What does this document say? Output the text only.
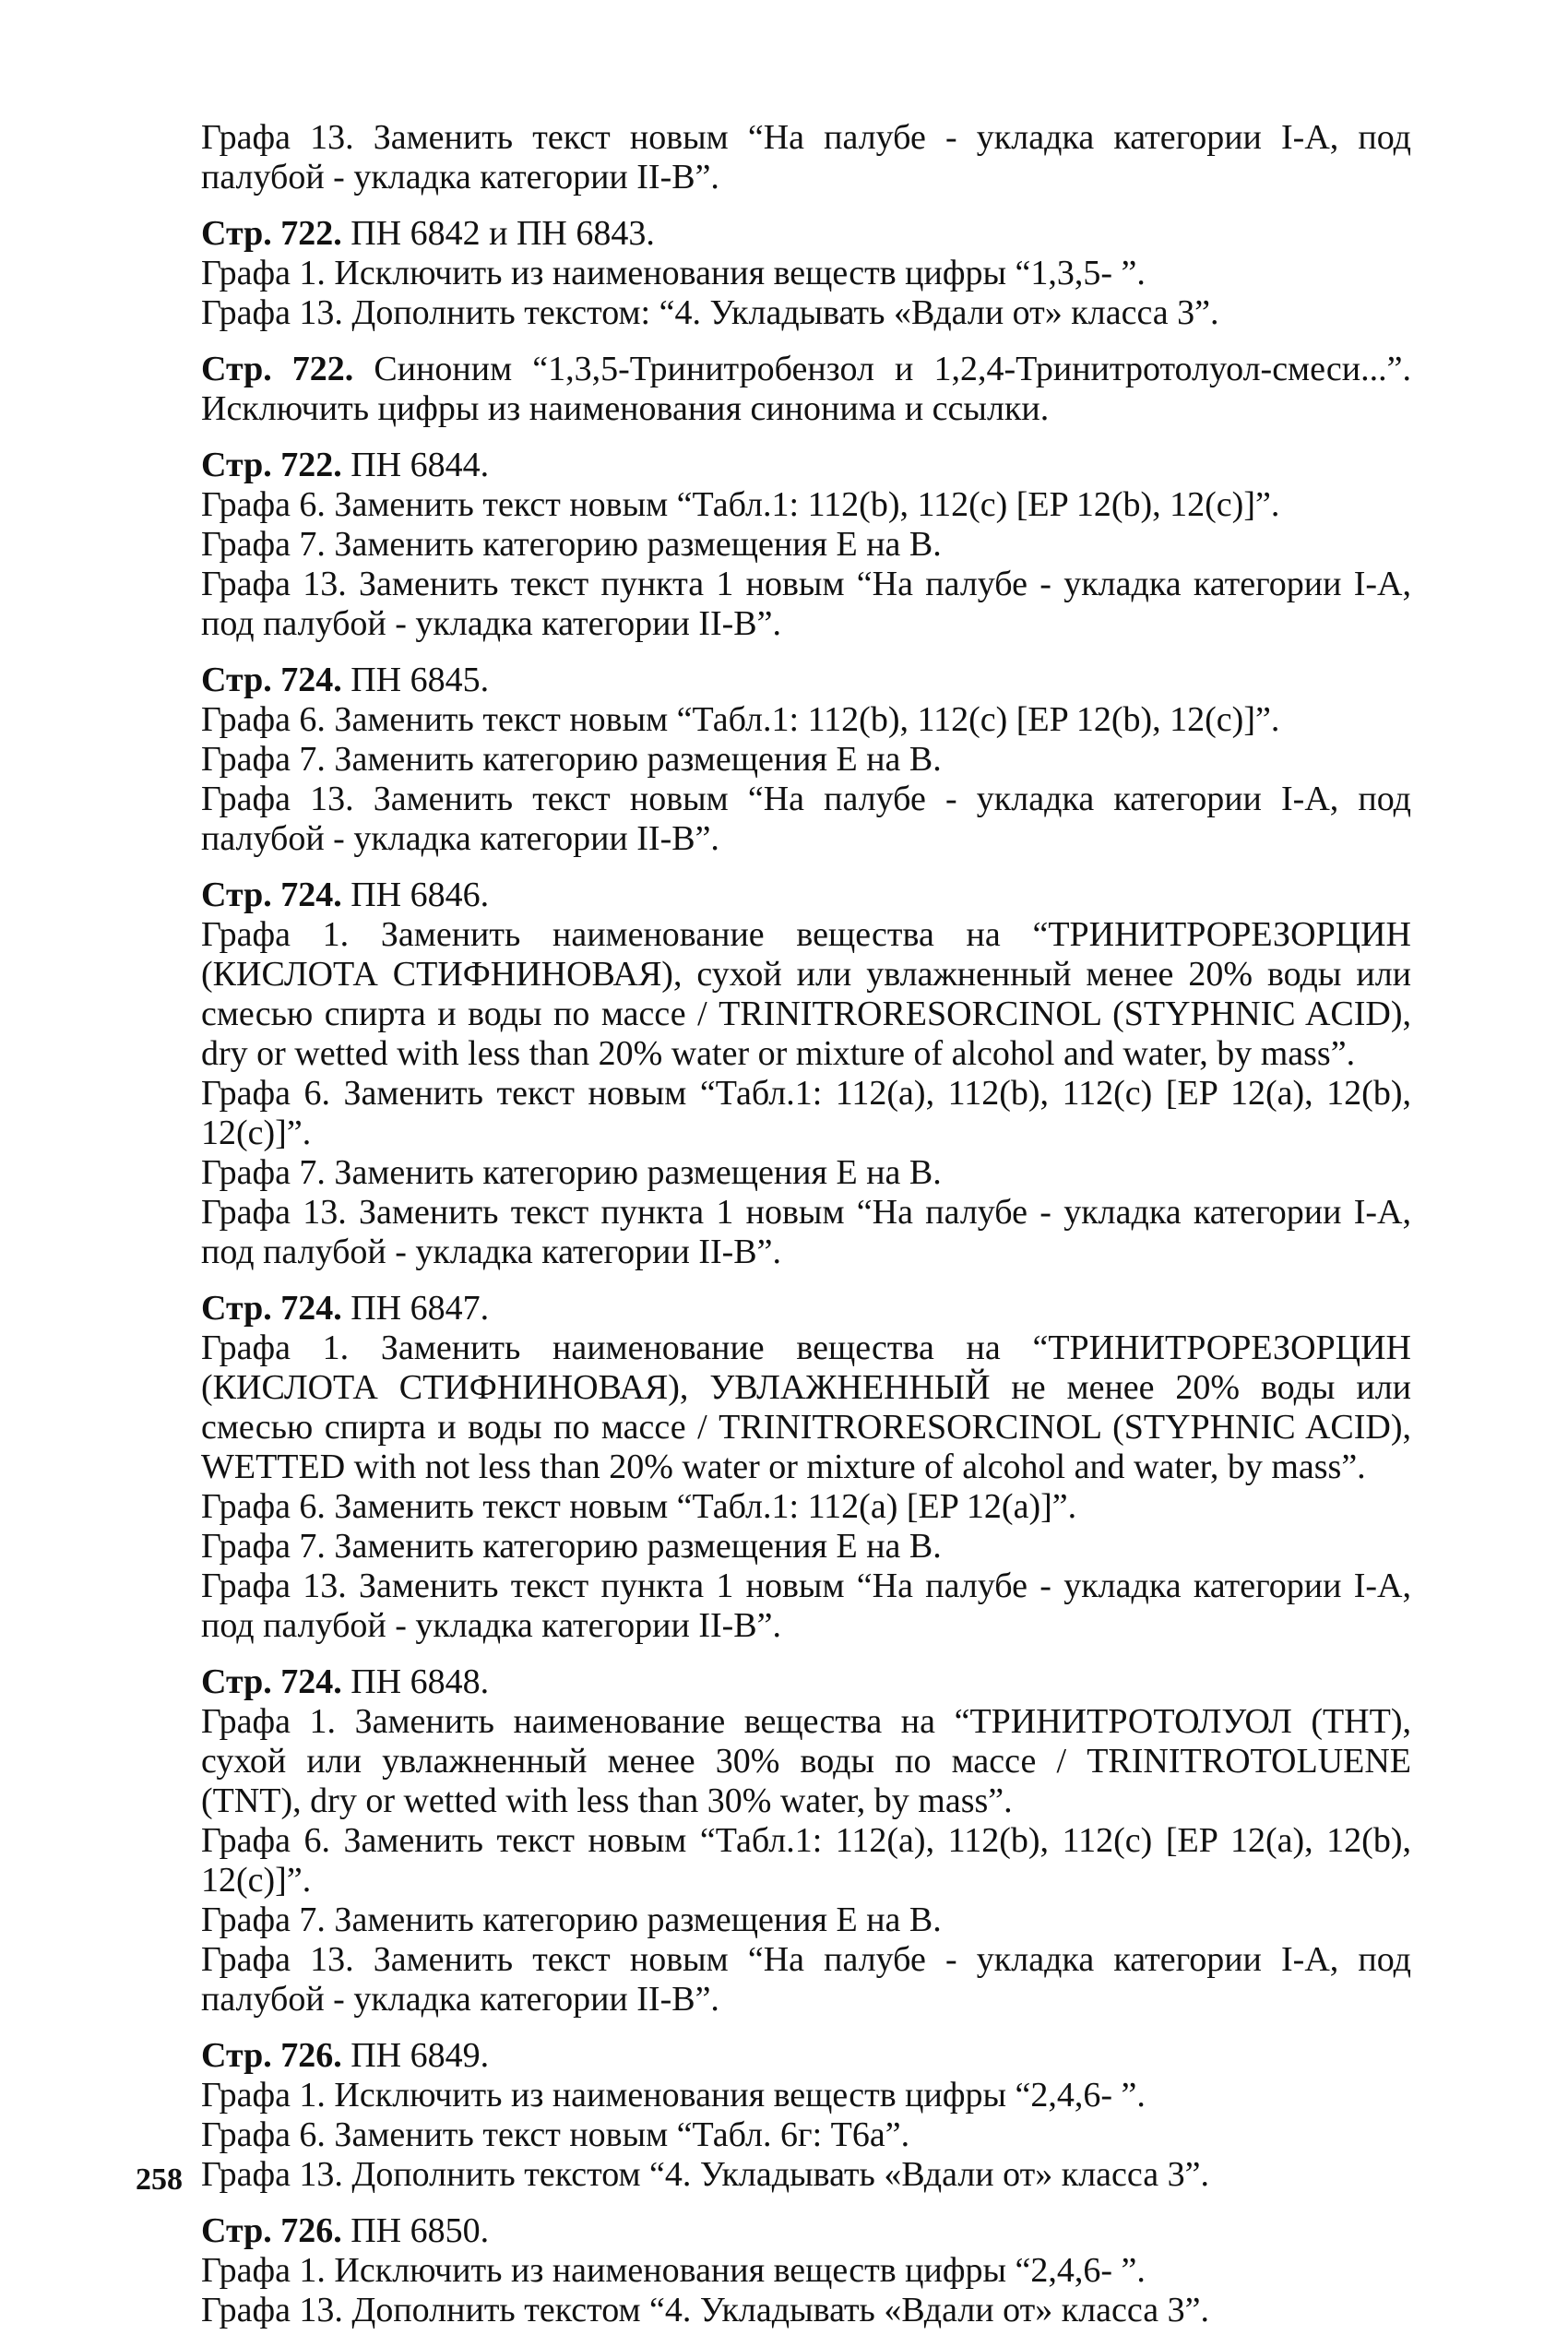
Графа 13. Заменить текст новым “На палубе - укладка категории I-A, под палубой - укладка категории II-B”.
Стр. 722. ПН 6842 и ПН 6843.
Графа 1. Исключить из наименования веществ цифры “1,3,5- ”.
Графа 13. Дополнить текстом: “4. Укладывать «Вдали от» класса 3”.
Стр. 722. Синоним “1,3,5-Тринитробензол и 1,2,4-Тринитротолуол-смеси...”. Исключить цифры из наименования синонима и ссылки.
Стр. 722. ПН 6844.
Графа 6. Заменить текст новым “Табл.1: 112(b), 112(c) [EP 12(b), 12(c)]”.
Графа 7. Заменить категорию размещения E на B.
Графа 13. Заменить текст пункта 1 новым “На палубе - укладка категории I-A, под палубой - укладка категории II-B”.
Стр. 724. ПН 6845.
Графа 6. Заменить текст новым “Табл.1: 112(b), 112(c) [EP 12(b), 12(c)]”.
Графа 7. Заменить категорию размещения E на B.
Графа 13. Заменить текст новым “На палубе - укладка категории I-A, под палубой - укладка категории II-B”.
Стр. 724. ПН 6846.
Графа 1. Заменить наименование вещества на “ТРИНИТРОРЕЗОРЦИН (КИСЛОТА СТИФНИНОВАЯ), сухой или увлажненный менее 20% воды или смесью спирта и воды по массе / TRINITRORESORCINOL (STYPHNIC ACID), dry or wetted with less than 20% water or mixture of alcohol and water, by mass”.
Графа 6. Заменить текст новым “Табл.1: 112(a), 112(b), 112(c) [EP 12(a), 12(b), 12(c)]”.
Графа 7. Заменить категорию размещения E на B.
Графа 13. Заменить текст пункта 1 новым “На палубе - укладка категории I-A, под палубой - укладка категории II-B”.
Стр. 724. ПН 6847.
Графа 1. Заменить наименование вещества на “ТРИНИТРОРЕЗОРЦИН (КИСЛОТА СТИФНИНОВАЯ), УВЛАЖНЕННЫЙ не менее 20% воды или смесью спирта и воды по массе / TRINITRORESORCINOL (STYPHNIC ACID), WETTED with not less than 20% water or mixture of alcohol and water, by mass”.
Графа 6. Заменить текст новым “Табл.1: 112(a) [EP 12(a)]”.
Графа 7. Заменить категорию размещения E на B.
Графа 13. Заменить текст пункта 1 новым “На палубе - укладка категории I-A, под палубой - укладка категории II-B”.
Стр. 724. ПН 6848.
Графа 1. Заменить наименование вещества на “ТРИНИТРОТОЛУОЛ (ТНТ), сухой или увлажненный менее 30% воды по массе / TRINITROTOLUENE (TNT), dry or wetted with less than 30% water, by mass”.
Графа 6. Заменить текст новым “Табл.1: 112(a), 112(b), 112(c) [EP 12(a), 12(b), 12(c)]”.
Графа 7. Заменить категорию размещения E на B.
Графа 13. Заменить текст новым “На палубе - укладка категории I-A, под палубой - укладка категории II-B”.
Стр. 726. ПН 6849.
Графа 1. Исключить из наименования веществ цифры “2,4,6- ”.
Графа 6. Заменить текст новым “Табл. 6г: Т6а”.
Графа 13. Дополнить текстом “4. Укладывать «Вдали от» класса 3”.
Стр. 726. ПН 6850.
Графа 1. Исключить из наименования веществ цифры “2,4,6- ”.
Графа 13. Дополнить текстом “4. Укладывать «Вдали от» класса 3”.
258
